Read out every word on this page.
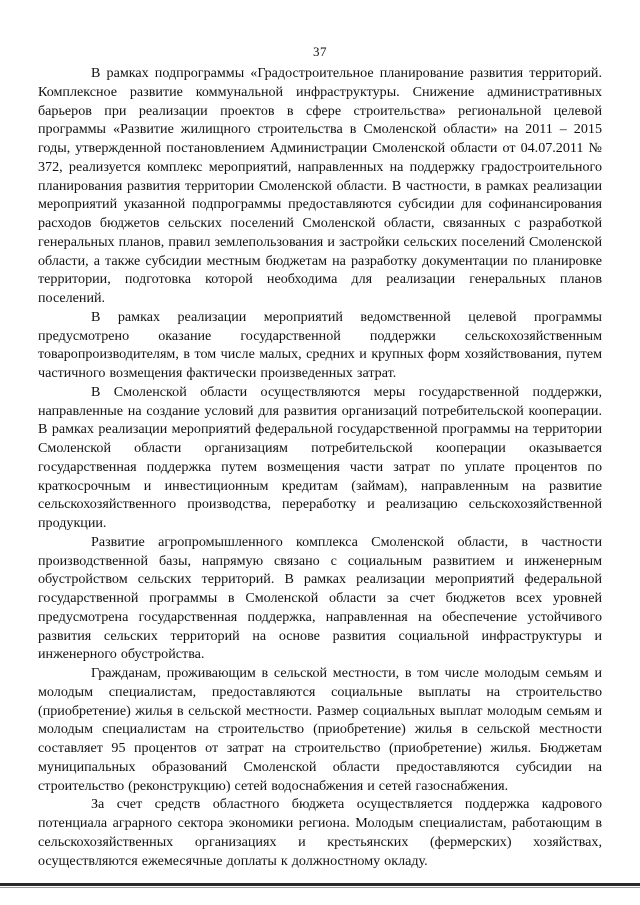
37

В рамках подпрограммы «Градостроительное планирование развития территорий. Комплексное развитие коммунальной инфраструктуры. Снижение административных барьеров при реализации проектов в сфере строительства» региональной целевой программы «Развитие жилищного строительства в Смоленской области» на 2011 – 2015 годы, утвержденной постановлением Администрации Смоленской области от 04.07.2011 № 372, реализуется комплекс мероприятий, направленных на поддержку градостроительного планирования развития территории Смоленской области. В частности, в рамках реализации мероприятий указанной подпрограммы предоставляются субсидии для софинансирования расходов бюджетов сельских поселений Смоленской области, связанных с разработкой генеральных планов, правил землепользования и застройки сельских поселений Смоленской области, а также субсидии местным бюджетам на разработку документации по планировке территории, подготовка которой необходима для реализации генеральных планов поселений.

В рамках реализации мероприятий ведомственной целевой программы предусмотрено оказание государственной поддержки сельскохозяйственным товаропроизводителям, в том числе малых, средних и крупных форм хозяйствования, путем частичного возмещения фактически произведенных затрат.

В Смоленской области осуществляются меры государственной поддержки, направленные на создание условий для развития организаций потребительской кооперации. В рамках реализации мероприятий федеральной государственной программы на территории Смоленской области организациям потребительской кооперации оказывается государственная поддержка путем возмещения части затрат по уплате процентов по краткосрочным и инвестиционным кредитам (займам), направленным на развитие сельскохозяйственного производства, переработку и реализацию сельскохозяйственной продукции.

Развитие агропромышленного комплекса Смоленской области, в частности производственной базы, напрямую связано с социальным развитием и инженерным обустройством сельских территорий. В рамках реализации мероприятий федеральной государственной программы в Смоленской области за счет бюджетов всех уровней предусмотрена государственная поддержка, направленная на обеспечение устойчивого развития сельских территорий на основе развития социальной инфраструктуры и инженерного обустройства.

Гражданам, проживающим в сельской местности, в том числе молодым семьям и молодым специалистам, предоставляются социальные выплаты на строительство (приобретение) жилья в сельской местности. Размер социальных выплат молодым семьям и молодым специалистам на строительство (приобретение) жилья в сельской местности составляет 95 процентов от затрат на строительство (приобретение) жилья. Бюджетам муниципальных образований Смоленской области предоставляются субсидии на строительство (реконструкцию) сетей водоснабжения и сетей газоснабжения.

За счет средств областного бюджета осуществляется поддержка кадрового потенциала аграрного сектора экономики региона. Молодым специалистам, работающим в сельскохозяйственных организациях и крестьянских (фермерских) хозяйствах, осуществляются ежемесячные доплаты к должностному окладу.
